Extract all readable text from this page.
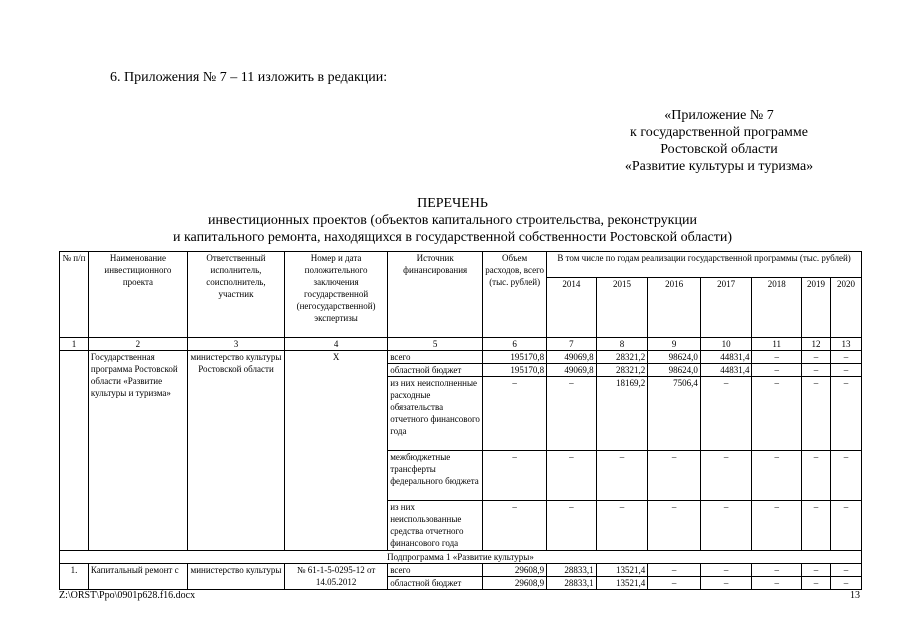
6. Приложения № 7 – 11 изложить в редакции:
«Приложение № 7
к государственной программе
Ростовской области
«Развитие культуры и туризма»
ПЕРЕЧЕНЬ
инвестиционных проектов (объектов капитального строительства, реконструкции
и капитального ремонта, находящихся в государственной собственности Ростовской области)
№ п/п	Наименование инвестиционного проекта	Ответственный исполнитель, соисполнитель, участник	Номер и дата положительного заключения государственной (негосударственной) экспертизы	Источник финансирования	Объем расходов, всего (тыс. рублей)	В том числе по годам реализации государственной программы (тыс. рублей)						
						2014	2015	2016	2017	2018	2019	2020
1	2	3	4	5	6	7	8	9	10	11	12	13
	Государственная программа Ростовской области «Развитие культуры и туризма»	министерство культуры Ростовской области	Х	всего	195170,8	49069,8	28321,2	98624,0	44831,4	–	–	–
				областной бюджет	195170,8	49069,8	28321,2	98624,0	44831,4	–	–	–
				из них неисполненные расходные обязательства отчетного финансового года	–	–	18169,2	7506,4	–	–	–	–
				межбюджетные трансферты федерального бюджета	–	–	–	–	–	–	–	–
				из них неиспользованные средства отчетного финансового года	–	–	–	–	–	–	–	–
Подпрограмма 1 «Развитие культуры»												
1.	Капитальный ремонт с	министерство культуры	№ 61-1-5-0295-12 от 14.05.2012	всего	29608,9	28833,1	13521,4	–	–	–	–	–
				областной бюджет	29608,9	28833,1	13521,4	–	–	–	–	–
Z:\ORST\Ppo\0901p628.f16.docx	13
